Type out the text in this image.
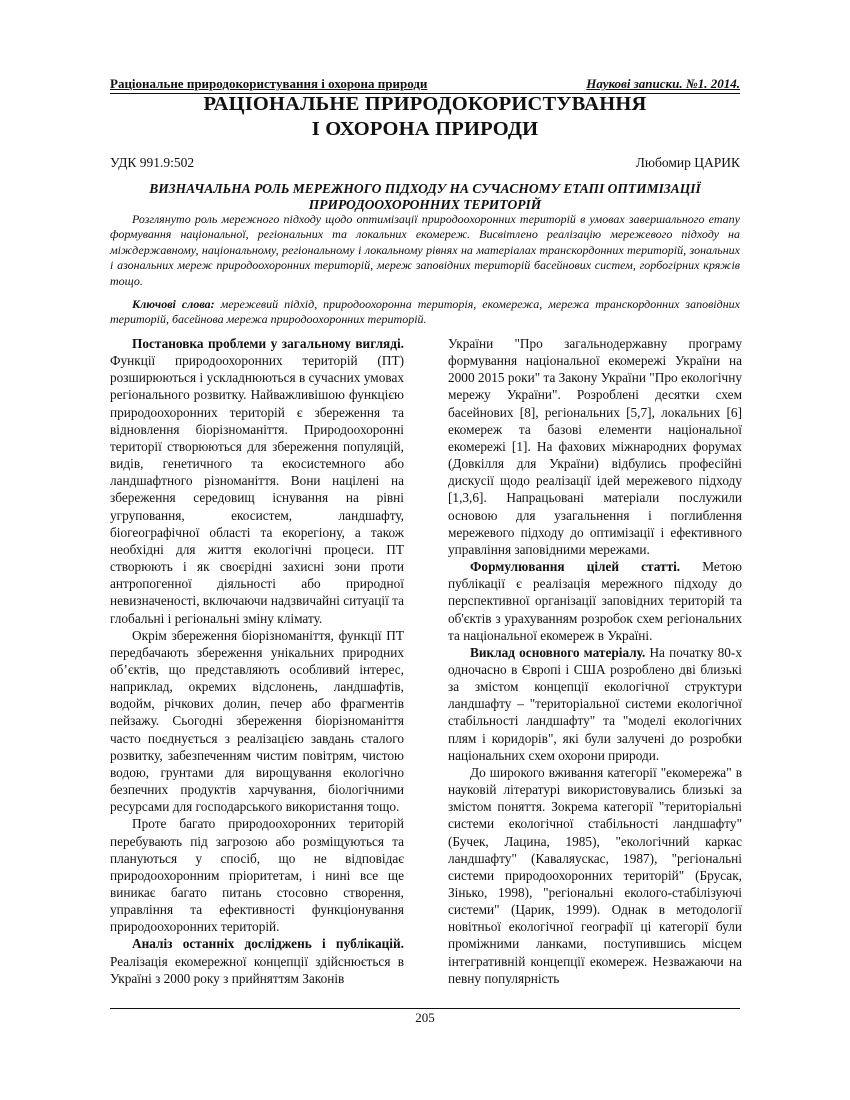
Раціональне природокористування і охорона природи	Наукові записки. №1. 2014.
РАЦІОНАЛЬНЕ ПРИРОДОКОРИСТУВАННЯ
І ОХОРОНА ПРИРОДИ
УДК 991.9:502	Любомир ЦАРИК
ВИЗНАЧАЛЬНА РОЛЬ МЕРЕЖНОГО ПІДХОДУ НА СУЧАСНОМУ ЕТАПІ ОПТИМІЗАЦІЇ
ПРИРОДООХОРОННИХ ТЕРИТОРІЙ

Розглянуто роль мережного підходу щодо оптимізації природоохоронних територій в умовах завершального етапу формування національної, регіональних та локальних екомереж. Висвітлено реалізацію мережевого підходу на міждержавному, національному, регіональному і локальному рівнях на матеріалах транскордонних територій, зональних і азональних мереж природоохоронних територій, мереж заповідних територій басейнових систем, горбогірних кряжів тощо.

Ключові слова: мережевий підхід, природоохоронна територія, екомережа, мережа транскордонних заповідних територій, басейнова мережа природоохоронних територій.

Постановка проблеми у загальному вигляді. Функції природоохоронних територій (ПТ) розширюються і ускладнюються в сучасних умовах регіонального розвитку. Найважливішою функцією природоохоронних територій є збереження та відновлення біорізноманіття. Природоохоронні території створюються для збереження популяцій, видів, генетичного та екосистемного або ландшафтного різноманіття. Вони націлені на збереження середовищ існування на рівні угруповання, екосистем, ландшафту, біогеографічної області та екорегіону, а також необхідні для життя екологічні процеси. ПТ створюють і як своєрідні захисні зони проти антропогенної діяльності або природної невизначеності, включаючи надзвичайні ситуації та глобальні і регіональні зміну клімату.

Окрім збереження біорізноманіття, функції ПТ передбачають збереження унікальних природних об’єктів, що представляють особливий інтерес, наприклад, окремих відслонень, ландшафтів, водойм, річкових долин, печер або фрагментів пейзажу. Сьогодні збереження біорізноманіття часто поєднується з реалізацією завдань сталого розвитку, забезпеченням чистим повітрям, чистою водою, грунтами для вирощування екологічно безпечних продуктів харчування, біологічними ресурсами для господарського використання тощо.

Проте багато природоохоронних територій перебувають під загрозою або розміщуються та плануються у спосіб, що не відповідає природоохоронним пріоритетам, і нині все ще виникає багато питань стосовно створення, управління та ефективності функціонування природоохоронних територій.

Аналіз останніх досліджень і публікацій. Реалізація екомережної концепції здійснюється в Україні з 2000 року з прийняттям Законів

України "Про загальнодержавну програму формування національної екомережі України на 2000 2015 роки" та Закону України "Про екологічну мережу України". Розроблені десятки схем басейнових [8], регіональних [5,7], локальних [6] екомереж та базові елементи національної екомережі [1]. На фахових міжнародних форумах (Довкілля для України) відбулись професійні дискусії щодо реалізації ідей мережевого підходу [1,3,6]. Напрацьовані матеріали послужили основою для узагальнення і поглиблення мережевого підходу до оптимізації і ефективного управління заповідними мережами.

Формулювання цілей статті. Метою публікації є реалізація мережного підходу до перспективної організації заповідних територій та об'єктів з урахуванням розробок схем регіональних та національної екомереж в Україні.

Виклад основного матеріалу. На початку 80-х одночасно в Європі і США розроблено дві близькі за змістом концепції екологічної структури ландшафту – "територіальної системи екологічної стабільності ландшафту" та "моделі екологічних плям і коридорів", які були залучені до розробки національних схем охорони природи.

До широкого вживання категорії "екомережа" в науковій літературі використовувались близькі за змістом поняття. Зокрема категорії "територіальні системи екологічної стабільності ландшафту" (Бучек, Лацина, 1985), "екологічний каркас ландшафту" (Каваляускас, 1987), "регіональні системи природоохоронних територій" (Брусак, Зінько, 1998), "регіональні еколого-стабілізуючі системи" (Царик, 1999). Однак в методології новітньої екологічної географії ці категорії були проміжними ланками, поступившись місцем інтегративній концепції екомереж. Незважаючи на певну популярність

205
